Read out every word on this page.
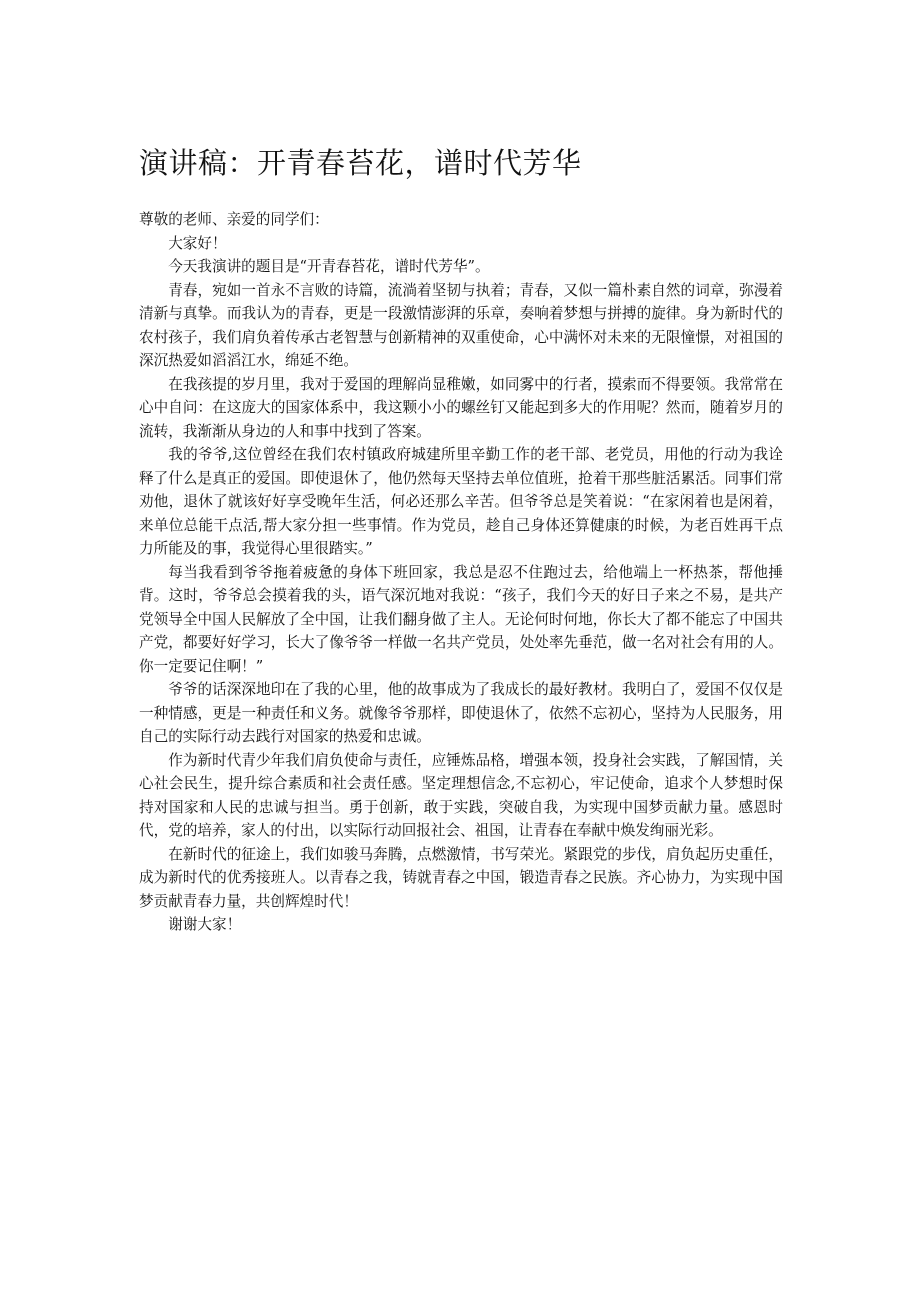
演讲稿：开青春苔花，谱时代芳华

尊敬的老师、亲爱的同学们：

大家好！

今天我演讲的题目是“开青春苔花，谱时代芳华”。

青春，宛如一首永不言败的诗篇，流淌着坚韧与执着；青春，又似一篇朴素自然的词章，弥漫着清新与真挚。而我认为的青春，更是一段激情澎湃的乐章，奏响着梦想与拼搏的旋律。身为新时代的农村孩子，我们肩负着传承古老智慧与创新精神的双重使命，心中满怀对未来的无限憧憬，对祖国的深沉热爱如滔滔江水，绵延不绝。

在我孩提的岁月里，我对于爱国的理解尚显稚嫩，如同雾中的行者，摸索而不得要领。我常常在心中自问：在这庞大的国家体系中，我这颗小小的螺丝钉又能起到多大的作用呢？然而，随着岁月的流转，我渐渐从身边的人和事中找到了答案。

我的爷爷,这位曾经在我们农村镇政府城建所里辛勤工作的老干部、老党员，用他的行动为我诠释了什么是真正的爱国。即使退休了，他仍然每天坚持去单位值班，抢着干那些脏活累活。同事们常劝他，退休了就该好好享受晚年生活，何必还那么辛苦。但爷爷总是笑着说：“在家闲着也是闲着，来单位总能干点活,帮大家分担一些事情。作为党员，趁自己身体还算健康的时候，为老百姓再干点力所能及的事，我觉得心里很踏实。”

每当我看到爷爷拖着疲惫的身体下班回家，我总是忍不住跑过去，给他端上一杯热茶，帮他捶背。这时，爷爷总会摸着我的头，语气深沉地对我说：“孩子，我们今天的好日子来之不易，是共产党领导全中国人民解放了全中国，让我们翻身做了主人。无论何时何地，你长大了都不能忘了中国共产党，都要好好学习，长大了像爷爷一样做一名共产党员，处处率先垂范，做一名对社会有用的人。你一定要记住啊！”

爷爷的话深深地印在了我的心里，他的故事成为了我成长的最好教材。我明白了，爱国不仅仅是一种情感，更是一种责任和义务。就像爷爷那样，即使退休了，依然不忘初心，坚持为人民服务，用自己的实际行动去践行对国家的热爱和忠诚。

作为新时代青少年我们肩负使命与责任，应锤炼品格，增强本领，投身社会实践，了解国情，关心社会民生，提升综合素质和社会责任感。坚定理想信念,不忘初心，牢记使命，追求个人梦想时保持对国家和人民的忠诚与担当。勇于创新，敢于实践，突破自我，为实现中国梦贡献力量。感恩时代，党的培养，家人的付出，以实际行动回报社会、祖国，让青春在奉献中焕发绚丽光彩。

在新时代的征途上，我们如骏马奔腾，点燃激情，书写荣光。紧跟党的步伐，肩负起历史重任，成为新时代的优秀接班人。以青春之我，铸就青春之中国，锻造青春之民族。齐心协力，为实现中国梦贡献青春力量，共创辉煌时代！

谢谢大家！
